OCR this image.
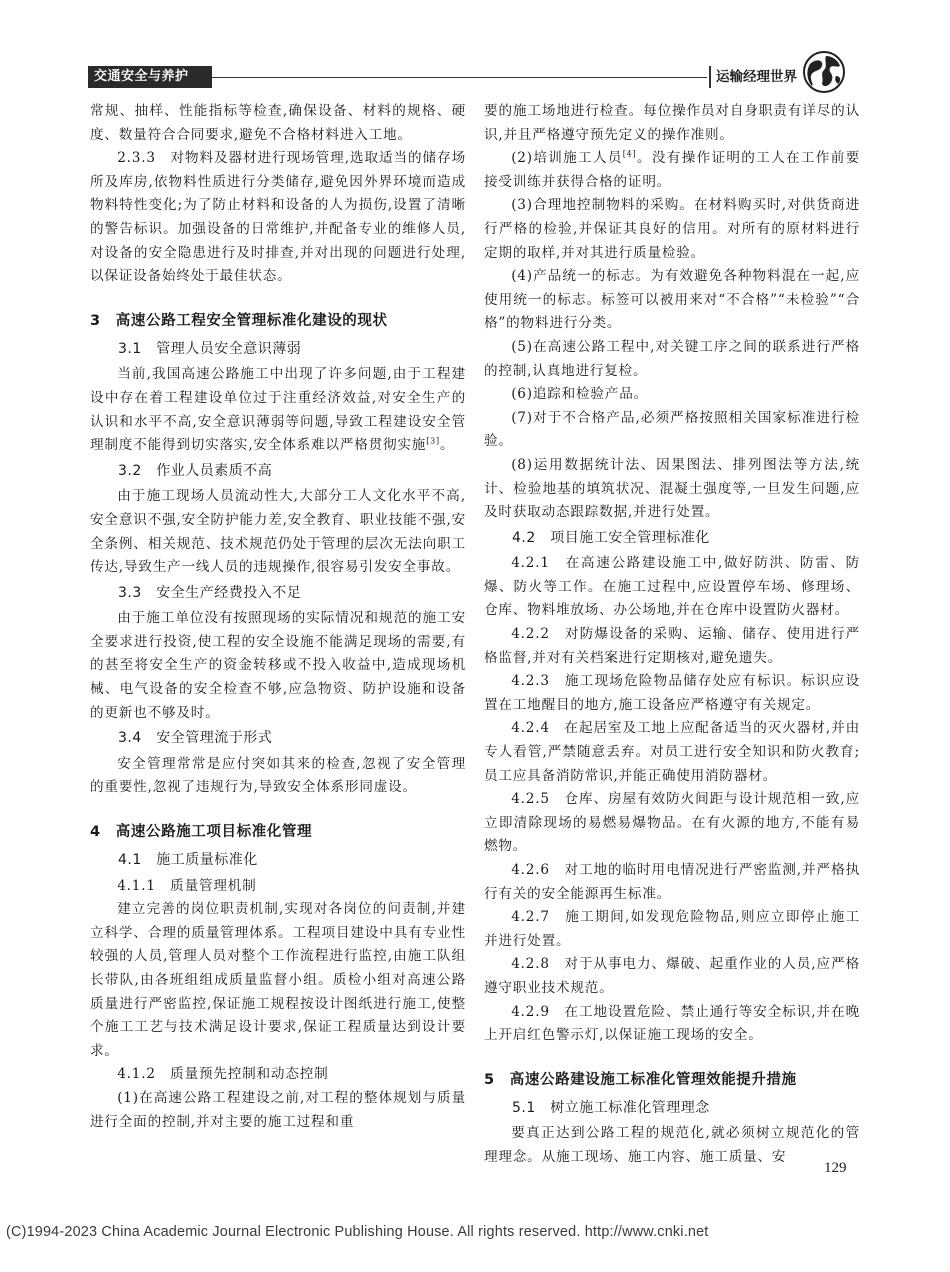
交通安全与养护	运输经理世界

常规、抽样、性能指标等检查,确保设备、材料的规格、硬度、数量符合合同要求,避免不合格材料进入工地。

2.3.3　对物料及器材进行现场管理,选取适当的储存场所及库房,依物料性质进行分类储存,避免因外界环境而造成物料特性变化;为了防止材料和设备的人为损伤,设置了清晰的警告标识。加强设备的日常维护,并配备专业的维修人员,对设备的安全隐患进行及时排查,并对出现的问题进行处理,以保证设备始终处于最佳状态。

3　高速公路工程安全管理标准化建设的现状

3.1　管理人员安全意识薄弱

当前,我国高速公路施工中出现了许多问题,由于工程建设中存在着工程建设单位过于注重经济效益,对安全生产的认识和水平不高,安全意识薄弱等问题,导致工程建设安全管理制度不能得到切实落实,安全体系难以严格贯彻实施[3]。

3.2　作业人员素质不高

由于施工现场人员流动性大,大部分工人文化水平不高,安全意识不强,安全防护能力差,安全教育、职业技能不强,安全条例、相关规范、技术规范仍处于管理的层次无法向职工传达,导致生产一线人员的违规操作,很容易引发安全事故。

3.3　安全生产经费投入不足

由于施工单位没有按照现场的实际情况和规范的施工安全要求进行投资,使工程的安全设施不能满足现场的需要,有的甚至将安全生产的资金转移或不投入收益中,造成现场机械、电气设备的安全检查不够,应急物资、防护设施和设备的更新也不够及时。

3.4　安全管理流于形式

安全管理常常是应付突如其来的检查,忽视了安全管理的重要性,忽视了违规行为,导致安全体系形同虚设。

4　高速公路施工项目标准化管理

4.1　施工质量标准化

4.1.1　质量管理机制

建立完善的岗位职责机制,实现对各岗位的问责制,并建立科学、合理的质量管理体系。工程项目建设中具有专业性较强的人员,管理人员对整个工作流程进行监控,由施工队组长带队,由各班组组成质量监督小组。质检小组对高速公路质量进行严密监控,保证施工规程按设计图纸进行施工,使整个施工工艺与技术满足设计要求,保证工程质量达到设计要求。

4.1.2　质量预先控制和动态控制

(1)在高速公路工程建设之前,对工程的整体规划与质量进行全面的控制,并对主要的施工过程和重

要的施工场地进行检查。每位操作员对自身职责有详尽的认识,并且严格遵守预先定义的操作准则。

(2)培训施工人员[4]。没有操作证明的工人在工作前要接受训练并获得合格的证明。

(3)合理地控制物料的采购。在材料购买时,对供货商进行严格的检验,并保证其良好的信用。对所有的原材料进行定期的取样,并对其进行质量检验。

(4)产品统一的标志。为有效避免各种物料混在一起,应使用统一的标志。标签可以被用来对“不合格”“未检验”“合格”的物料进行分类。

(5)在高速公路工程中,对关键工序之间的联系进行严格的控制,认真地进行复检。

(6)追踪和检验产品。

(7)对于不合格产品,必须严格按照相关国家标准进行检验。

(8)运用数据统计法、因果图法、排列图法等方法,统计、检验地基的填筑状况、混凝土强度等,一旦发生问题,应及时获取动态跟踪数据,并进行处置。

4.2　项目施工安全管理标准化

4.2.1　在高速公路建设施工中,做好防洪、防雷、防爆、防火等工作。在施工过程中,应设置停车场、修理场、仓库、物料堆放场、办公场地,并在仓库中设置防火器材。

4.2.2　对防爆设备的采购、运输、储存、使用进行严格监督,并对有关档案进行定期核对,避免遗失。

4.2.3　施工现场危险物品储存处应有标识。标识应设置在工地醒目的地方,施工设备应严格遵守有关规定。

4.2.4　在起居室及工地上应配备适当的灭火器材,并由专人看管,严禁随意丢弃。对员工进行安全知识和防火教育;员工应具备消防常识,并能正确使用消防器材。

4.2.5　仓库、房屋有效防火间距与设计规范相一致,应立即清除现场的易燃易爆物品。在有火源的地方,不能有易燃物。

4.2.6　对工地的临时用电情况进行严密监测,并严格执行有关的安全能源再生标准。

4.2.7　施工期间,如发现危险物品,则应立即停止施工并进行处置。

4.2.8　对于从事电力、爆破、起重作业的人员,应严格遵守职业技术规范。

4.2.9　在工地设置危险、禁止通行等安全标识,并在晚上开启红色警示灯,以保证施工现场的安全。

5　高速公路建设施工标准化管理效能提升措施

5.1　树立施工标准化管理理念

要真正达到公路工程的规范化,就必须树立规范化的管理理念。从施工现场、施工内容、施工质量、安

129
(C)1994-2023 China Academic Journal Electronic Publishing House. All rights reserved. http://www.cnki.net
